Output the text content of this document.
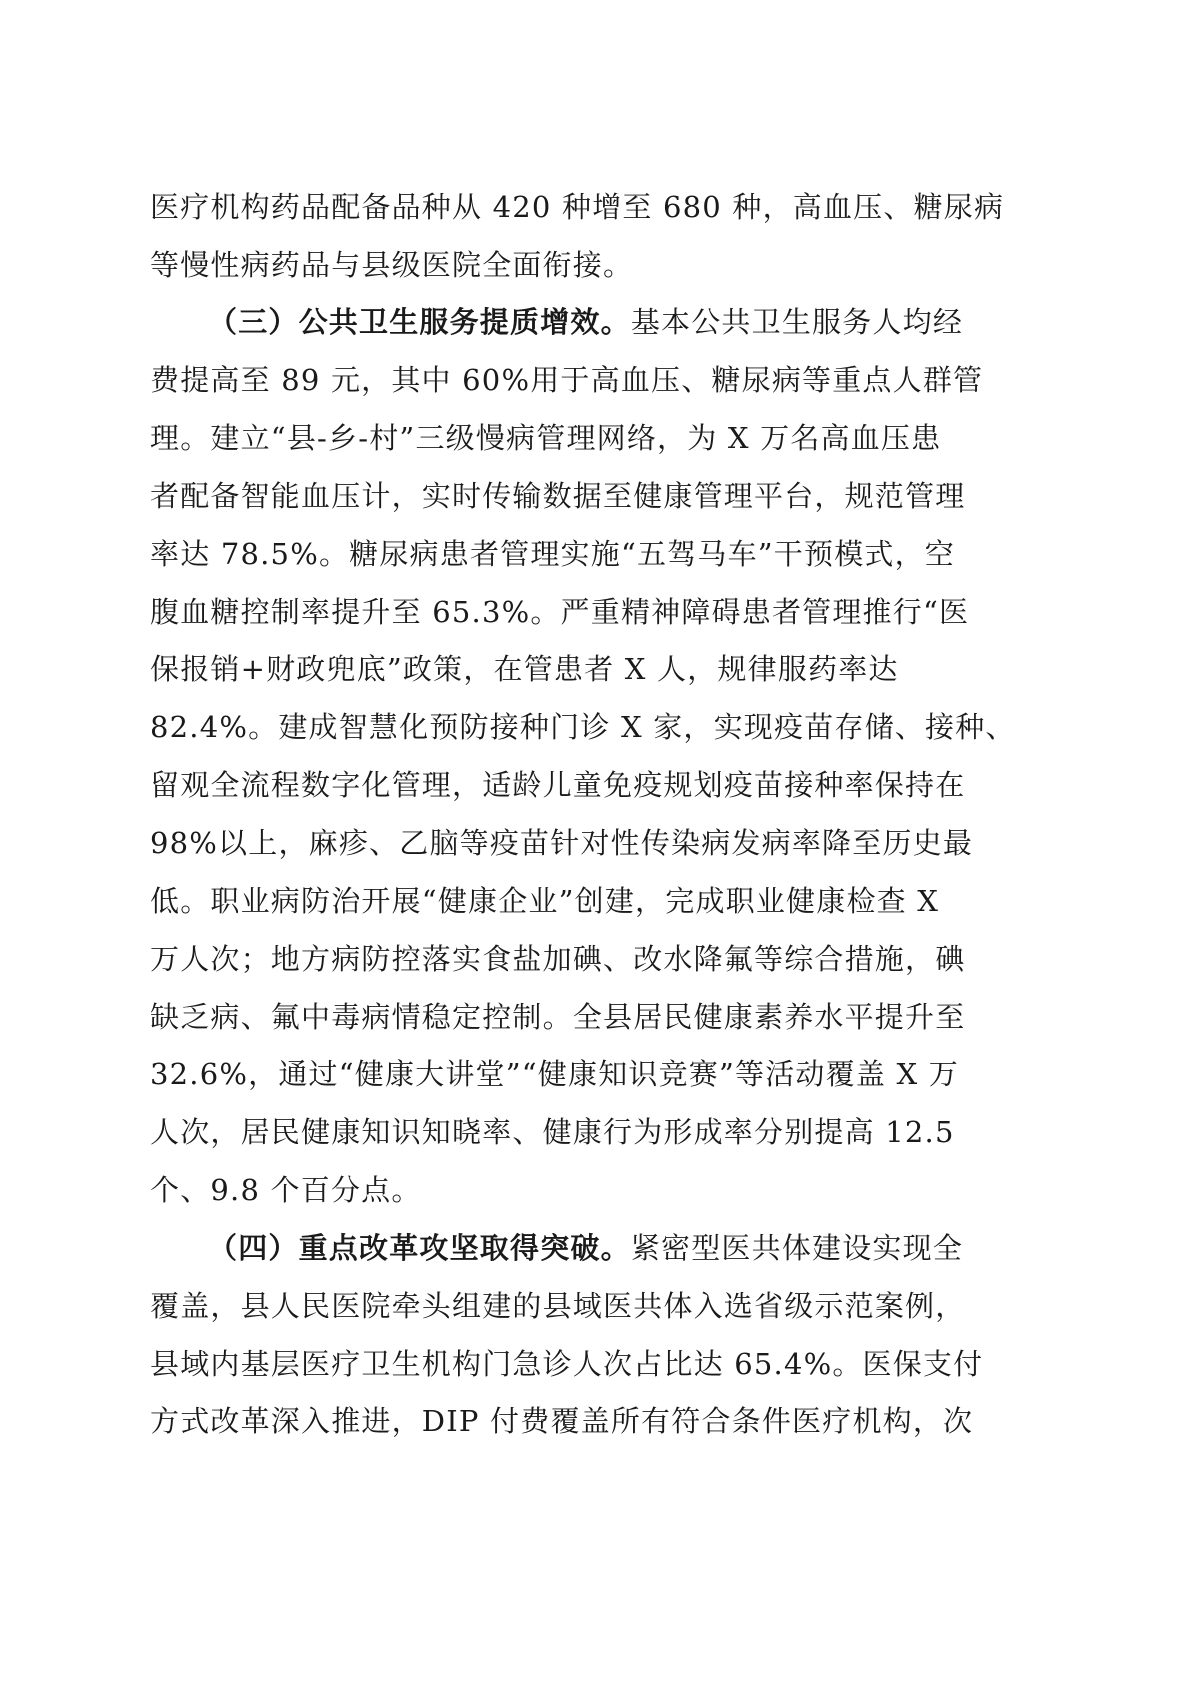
医疗机构药品配备品种从 420 种增至 680 种，高血压、糖尿病
等慢性病药品与县级医院全面衔接。
（三）公共卫生服务提质增效。基本公共卫生服务人均经
费提高至 89 元，其中 60%用于高血压、糖尿病等重点人群管
理。建立“县-乡-村”三级慢病管理网络，为 X 万名高血压患
者配备智能血压计，实时传输数据至健康管理平台，规范管理
率达 78.5%。糖尿病患者管理实施“五驾马车”干预模式，空
腹血糖控制率提升至 65.3%。严重精神障碍患者管理推行“医
保报销+财政兜底”政策，在管患者 X 人，规律服药率达
82.4%。建成智慧化预防接种门诊 X 家，实现疫苗存储、接种、
留观全流程数字化管理，适龄儿童免疫规划疫苗接种率保持在
98%以上，麻疹、乙脑等疫苗针对性传染病发病率降至历史最
低。职业病防治开展“健康企业”创建，完成职业健康检查 X
万人次；地方病防控落实食盐加碘、改水降氟等综合措施，碘
缺乏病、氟中毒病情稳定控制。全县居民健康素养水平提升至
32.6%，通过“健康大讲堂”“健康知识竞赛”等活动覆盖 X 万
人次，居民健康知识知晓率、健康行为形成率分别提高 12.5
个、9.8 个百分点。
（四）重点改革攻坚取得突破。紧密型医共体建设实现全
覆盖，县人民医院牵头组建的县域医共体入选省级示范案例，
县域内基层医疗卫生机构门急诊人次占比达 65.4%。医保支付
方式改革深入推进，DIP 付费覆盖所有符合条件医疗机构，次
